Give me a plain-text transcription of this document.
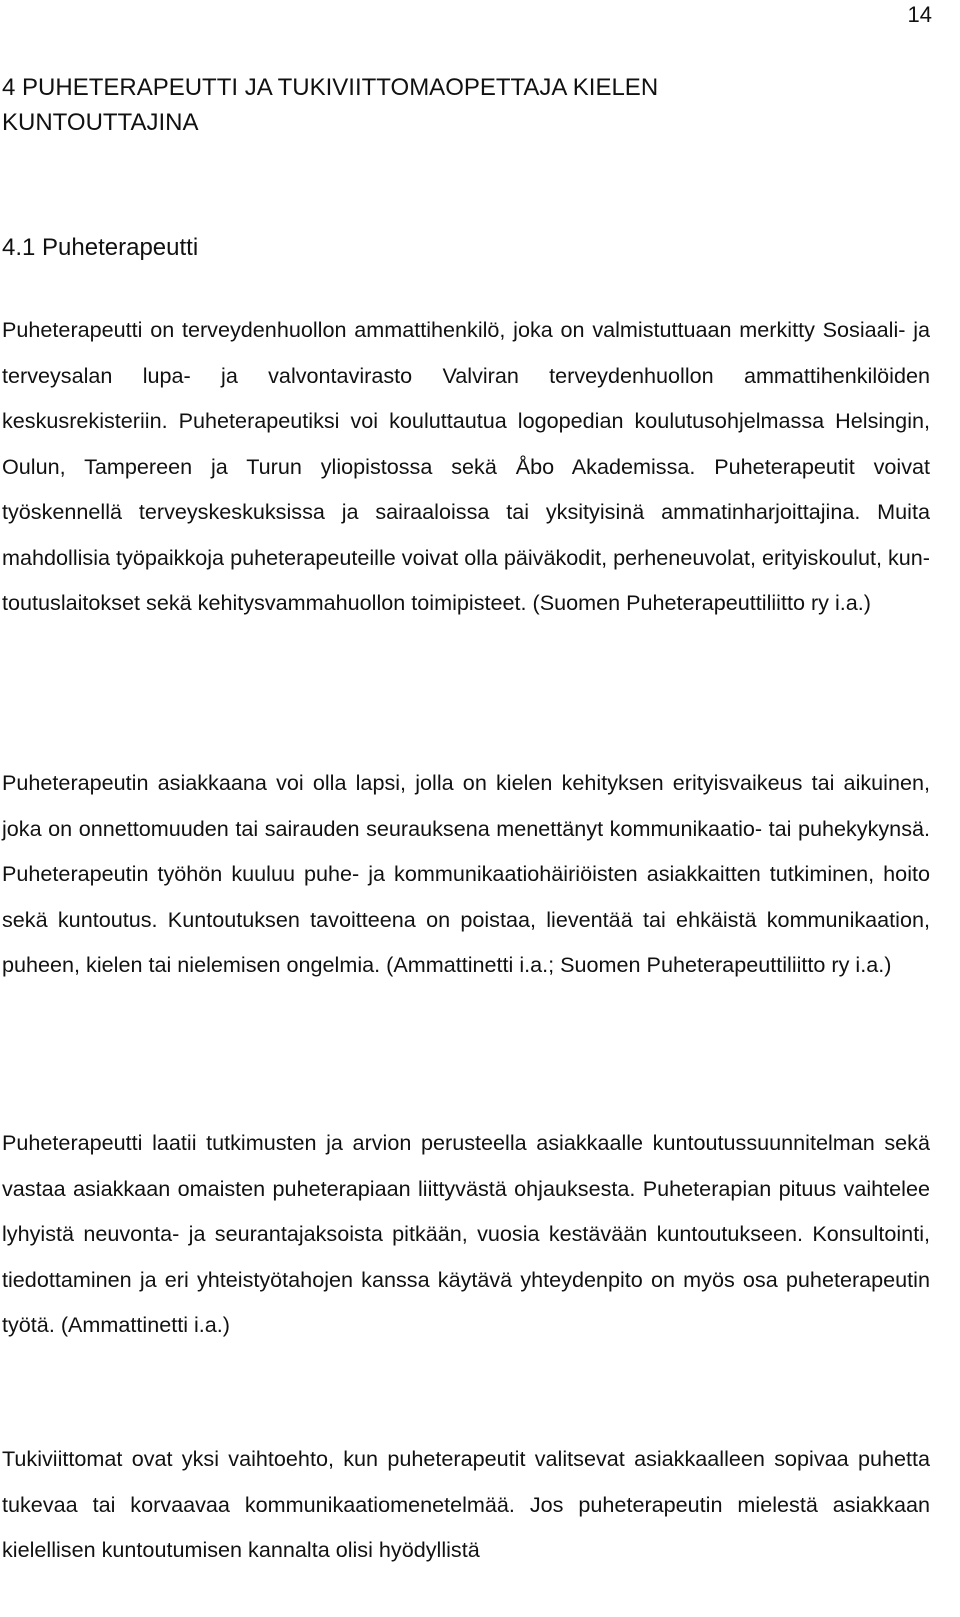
14
4 PUHETERAPEUTTI JA TUKIVIITTOMAOPETTAJA KIELEN KUNTOUTTAJINA
4.1 Puheterapeutti

Puheterapeutti on terveydenhuollon ammattihenkilö, joka on valmistuttuaan merkitty Sosiaali- ja terveysalan lupa- ja valvontavirasto Valviran terveydenhuollon ammattihenkilöiden keskusrekisteriin. Puheterapeutiksi voi kouluttautua logopedian koulutusohjelmassa Helsingin, Oulun, Tampereen ja Turun yliopistossa sekä Åbo Akademissa. Puheterapeutit voivat työskennellä terveyskeskuksissa ja sairaaloissa tai yksityisinä ammatinharjoittajina. Muita mahdollisia työpaikkoja puheterapeuteille voivat olla päiväkodit, perheneuvolat, erityiskoulut, kuntoutuslaitokset sekä kehitysvammahuollon toimipisteet. (Suomen Puheterapeuttiliitto ry i.a.)

Puheterapeutin asiakkaana voi olla lapsi, jolla on kielen kehityksen erityisvaikeus tai aikuinen, joka on onnettomuuden tai sairauden seurauksena menettänyt kommunikaatio- tai puhekykynsä. Puheterapeutin työhön kuuluu puhe- ja kommunikaatiohäiriöisten asiakkaitten tutkiminen, hoito sekä kuntoutus. Kuntoutuksen tavoitteena on poistaa, lieventää tai ehkäistä kommunikaation, puheen, kielen tai nielemisen ongelmia. (Ammattinetti i.a.; Suomen Puheterapeuttiliitto ry i.a.)

Puheterapeutti laatii tutkimusten ja arvion perusteella asiakkaalle kuntoutussuunnitelman sekä vastaa asiakkaan omaisten puheterapiaan liittyvästä ohjauksesta. Puheterapian pituus vaihtelee lyhyistä neuvonta- ja seurantajaksoista pitkään, vuosia kestävään kuntoutukseen. Konsultointi, tiedottaminen ja eri yhteistyötahojen kanssa käytävä yhteydenpito on myös osa puheterapeutin työtä. (Ammattinetti i.a.)

Tukiviittomat ovat yksi vaihtoehto, kun puheterapeutit valitsevat asiakkaalleen sopivaa puhetta tukevaa tai korvaavaa kommunikaatiomenetelmää. Jos puheterapeutin mielestä asiakkaan kielellisen kuntoutumisen kannalta olisi hyödyllistä
